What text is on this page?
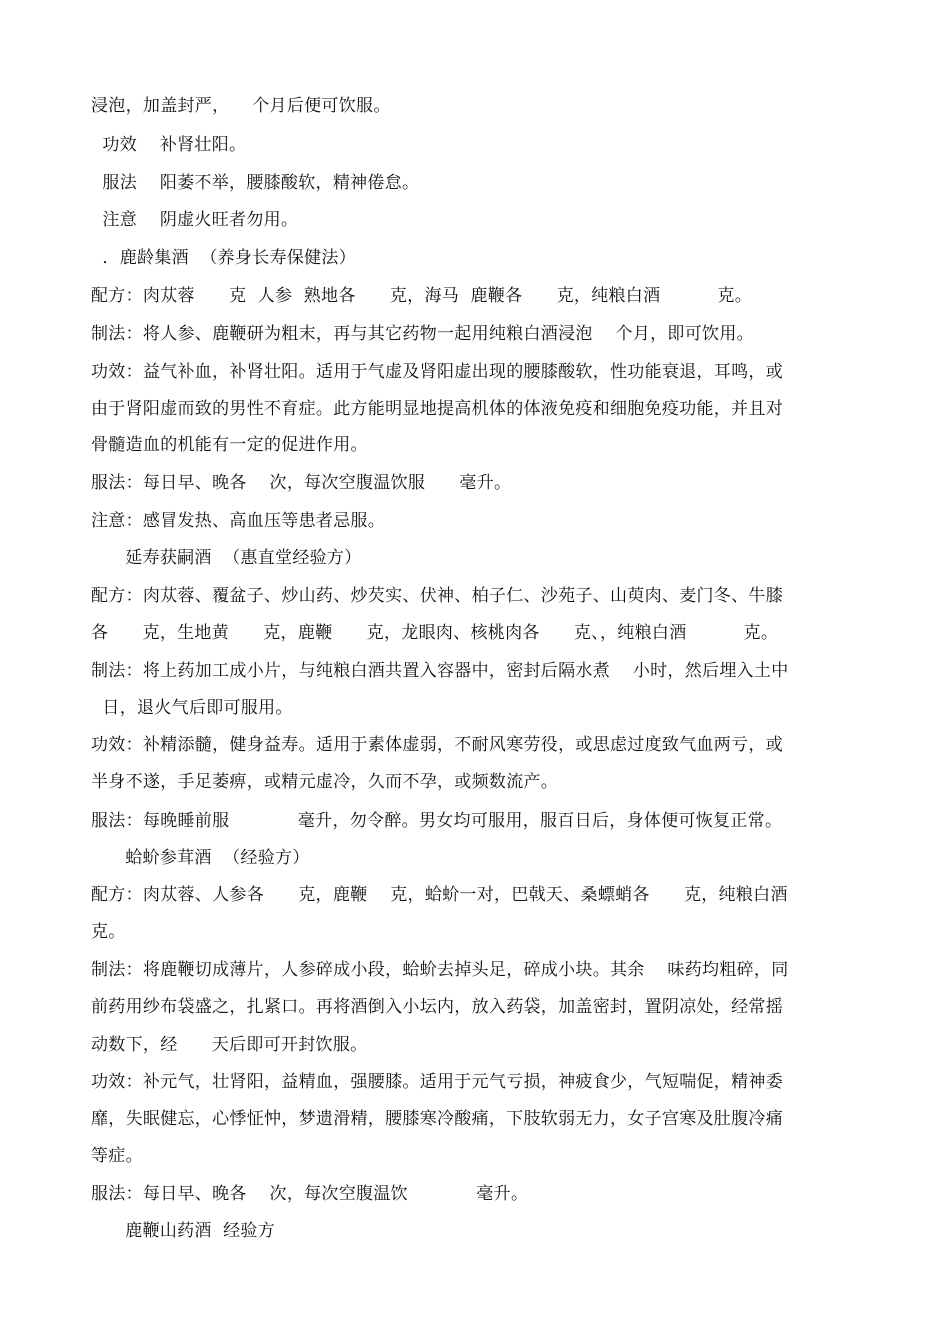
浸泡，加盖封严，    个月后便可饮服。
功效    补肾壮阳。
服法    阳萎不举，腰膝酸软，精神倦怠。
注意    阴虚火旺者勿用。
．鹿龄集酒  （养身长寿保健法）
配方：肉苁蓉      克  人参  熟地各      克，海马  鹿鞭各      克，纯粮白酒          克。
制法：将人参、鹿鞭研为粗末，再与其它药物一起用纯粮白酒浸泡    个月，即可饮用。
功效：益气补血，补肾壮阳。适用于气虚及肾阳虚出现的腰膝酸软，性功能衰退，耳鸣，或
由于肾阳虚而致的男性不育症。此方能明显地提高机体的体液免疫和细胞免疫功能，并且对
骨髓造血的机能有一定的促进作用。
服法：每日早、晚各    次，每次空腹温饮服      毫升。
注意：感冒发热、高血压等患者忌服。
延寿获嗣酒  （惠直堂经验方）
配方：肉苁蓉、覆盆子、炒山药、炒芡实、伏神、柏子仁、沙苑子、山萸肉、麦门冬、牛膝
各      克，生地黄      克，鹿鞭      克，龙眼肉、核桃肉各      克、，纯粮白酒          克。
制法：将上药加工成小片，与纯粮白酒共置入容器中，密封后隔水煮    小时，然后埋入土中
日，退火气后即可服用。
功效：补精添髓，健身益寿。适用于素体虚弱，不耐风寒劳役，或思虑过度致气血两亏，或
半身不遂，手足萎痹，或精元虚冷，久而不孕，或频数流产。
服法：每晚睡前服            毫升，勿令醉。男女均可服用，服百日后，身体便可恢复正常。
蛤蚧参茸酒  （经验方）
配方：肉苁蓉、人参各      克，鹿鞭    克，蛤蚧一对，巴戟天、桑螵蛸各      克，纯粮白酒
克。
制法：将鹿鞭切成薄片，人参碎成小段，蛤蚧去掉头足，碎成小块。其余    味药均粗碎，同
前药用纱布袋盛之，扎紧口。再将酒倒入小坛内，放入药袋，加盖密封，置阴凉处，经常摇
动数下，经      天后即可开封饮服。
功效：补元气，壮肾阳，益精血，强腰膝。适用于元气亏损，神疲食少，气短喘促，精神委
靡，失眠健忘，心悸怔忡，梦遗滑精，腰膝寒冷酸痛，下肢软弱无力，女子宫寒及肚腹冷痛
等症。
服法：每日早、晚各    次，每次空腹温饮            毫升。
鹿鞭山药酒  经验方
